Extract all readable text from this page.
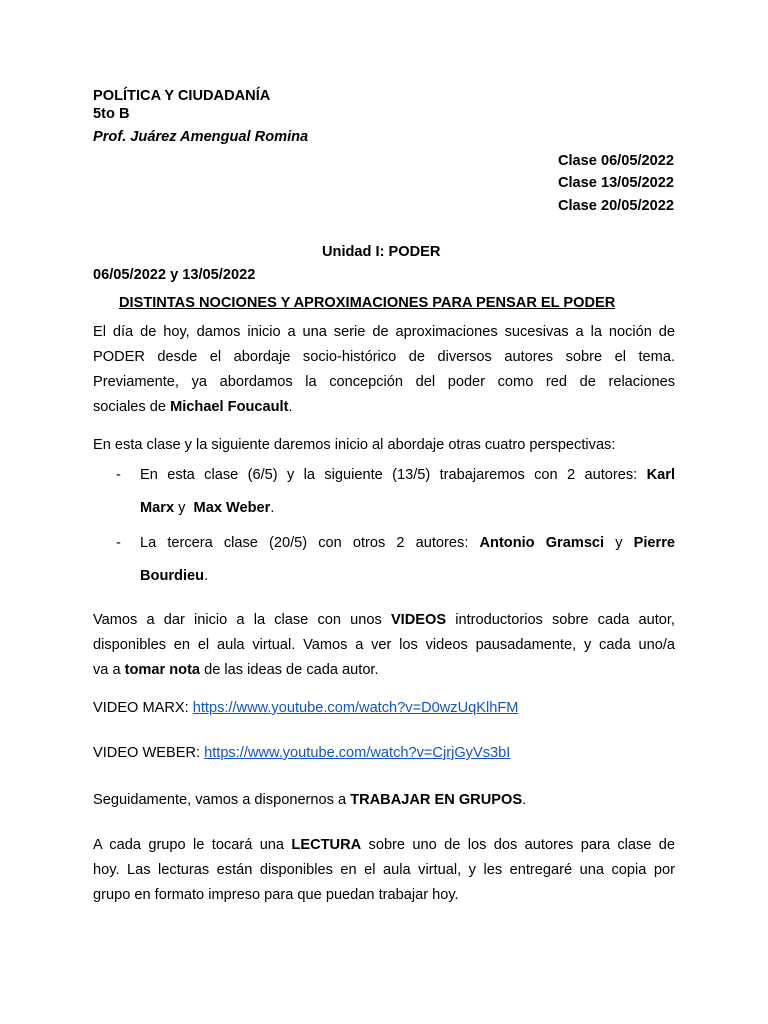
POLÍTICA Y CIUDADANÍA
5to B
Prof. Juárez Amengual Romina
Clase 06/05/2022
Clase 13/05/2022
Clase 20/05/2022
Unidad I: PODER
06/05/2022 y 13/05/2022
DISTINTAS NOCIONES Y APROXIMACIONES PARA PENSAR EL PODER
El día de hoy, damos inicio a una serie de aproximaciones sucesivas a la noción de
PODER desde el abordaje socio-histórico de diversos autores sobre el tema.
Previamente, ya abordamos la concepción del poder como red de relaciones
sociales de Michael Foucault.
En esta clase y la siguiente daremos inicio al abordaje otras cuatro perspectivas:
- En esta clase (6/5) y la siguiente (13/5) trabajaremos con 2 autores: Karl
Marx y  Max Weber.
- La tercera clase (20/5) con otros 2 autores: Antonio Gramsci y Pierre
Bourdieu.
Vamos a dar inicio a la clase con unos VIDEOS introductorios sobre cada autor,
disponibles en el aula virtual. Vamos a ver los videos pausadamente, y cada uno/a
va a tomar nota de las ideas de cada autor.
VIDEO MARX: https://www.youtube.com/watch?v=D0wzUqKlhFM
VIDEO WEBER: https://www.youtube.com/watch?v=CjrjGyVs3bI
Seguidamente, vamos a disponernos a TRABAJAR EN GRUPOS.
A cada grupo le tocará una LECTURA sobre uno de los dos autores para clase de
hoy. Las lecturas están disponibles en el aula virtual, y les entregaré una copia por
grupo en formato impreso para que puedan trabajar hoy.
